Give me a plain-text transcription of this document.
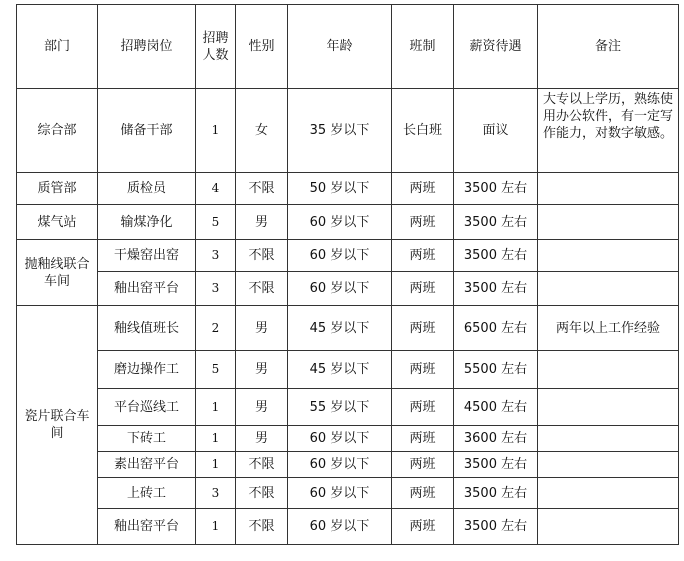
部门	招聘岗位	招聘人数	性别	年龄	班制	薪资待遇	备注
综合部	储备干部	1	女	35 岁以下	长白班	面议	大专以上学历，熟练使用办公软件，有一定写作能力，对数字敏感。
质管部	质检员	4	不限	50 岁以下	两班	3500 左右	
煤气站	输煤净化	5	男	60 岁以下	两班	3500 左右	
抛釉线联合车间	干燥窑出窑	3	不限	60 岁以下	两班	3500 左右	
	釉出窑平台	3	不限	60 岁以下	两班	3500 左右	
瓷片联合车间	釉线值班长	2	男	45 岁以下	两班	6500 左右	两年以上工作经验
	磨边操作工	5	男	45 岁以下	两班	5500 左右	
	平台巡线工	1	男	55 岁以下	两班	4500 左右	
	下砖工	1	男	60 岁以下	两班	3600 左右	
	素出窑平台	1	不限	60 岁以下	两班	3500 左右	
	上砖工	3	不限	60 岁以下	两班	3500 左右	
	釉出窑平台	1	不限	60 岁以下	两班	3500 左右	
